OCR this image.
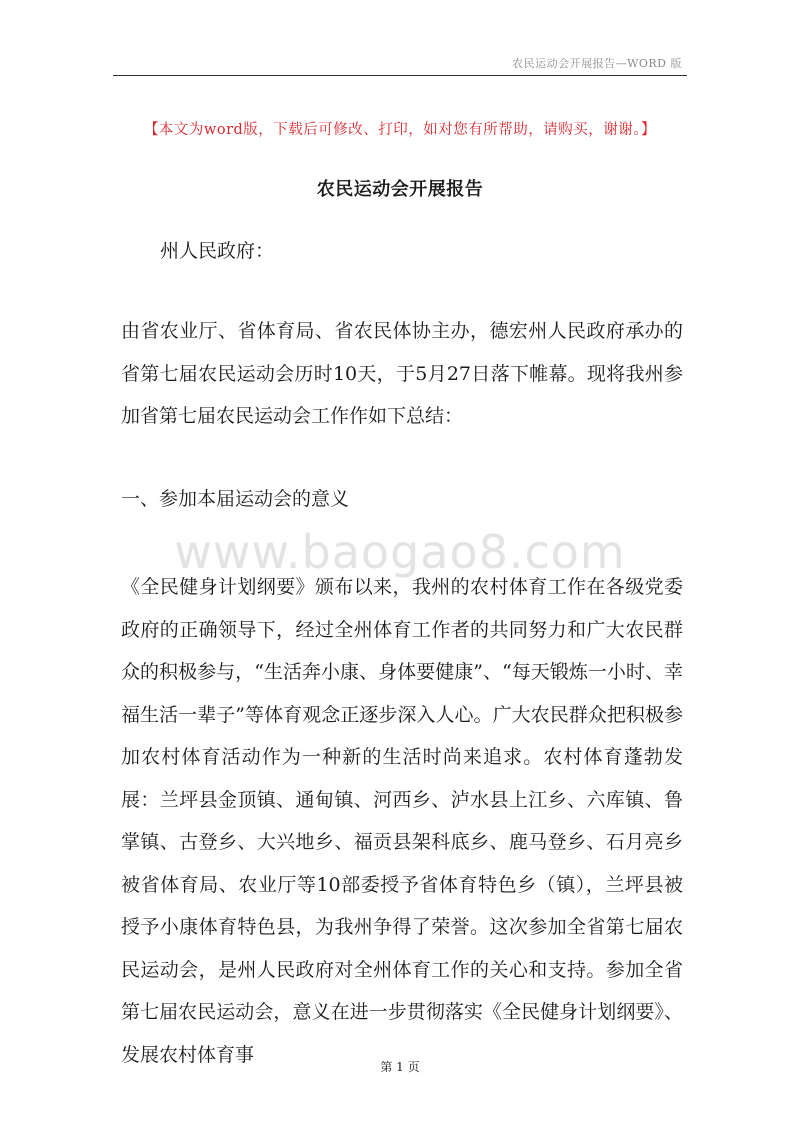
农民运动会开展报告—WORD 版
【本文为word版，下载后可修改、打印，如对您有所帮助，请购买，谢谢。】
农民运动会开展报告
州人民政府：
由省农业厅、省体育局、省农民体协主办，德宏州人民政府承办的省第七届农民运动会历时10天，于5月27日落下帷幕。现将我州参加省第七届农民运动会工作作如下总结：
一、参加本届运动会的意义
www.baogao8.com
《全民健身计划纲要》颁布以来，我州的农村体育工作在各级党委政府的正确领导下，经过全州体育工作者的共同努力和广大农民群众的积极参与，“生活奔小康、身体要健康”、“每天锻炼一小时、幸福生活一辈子”等体育观念正逐步深入人心。广大农民群众把积极参加农村体育活动作为一种新的生活时尚来追求。农村体育蓬勃发展：兰坪县金顶镇、通甸镇、河西乡、泸水县上江乡、六库镇、鲁掌镇、古登乡、大兴地乡、福贡县架科底乡、鹿马登乡、石月亮乡被省体育局、农业厅等10部委授予省体育特色乡（镇），兰坪县被授予小康体育特色县，为我州争得了荣誉。这次参加全省第七届农民运动会，是州人民政府对全州体育工作的关心和支持。参加全省第七届农民运动会，意义在进一步贯彻落实《全民健身计划纲要》、发展农村体育事
第 1 页
